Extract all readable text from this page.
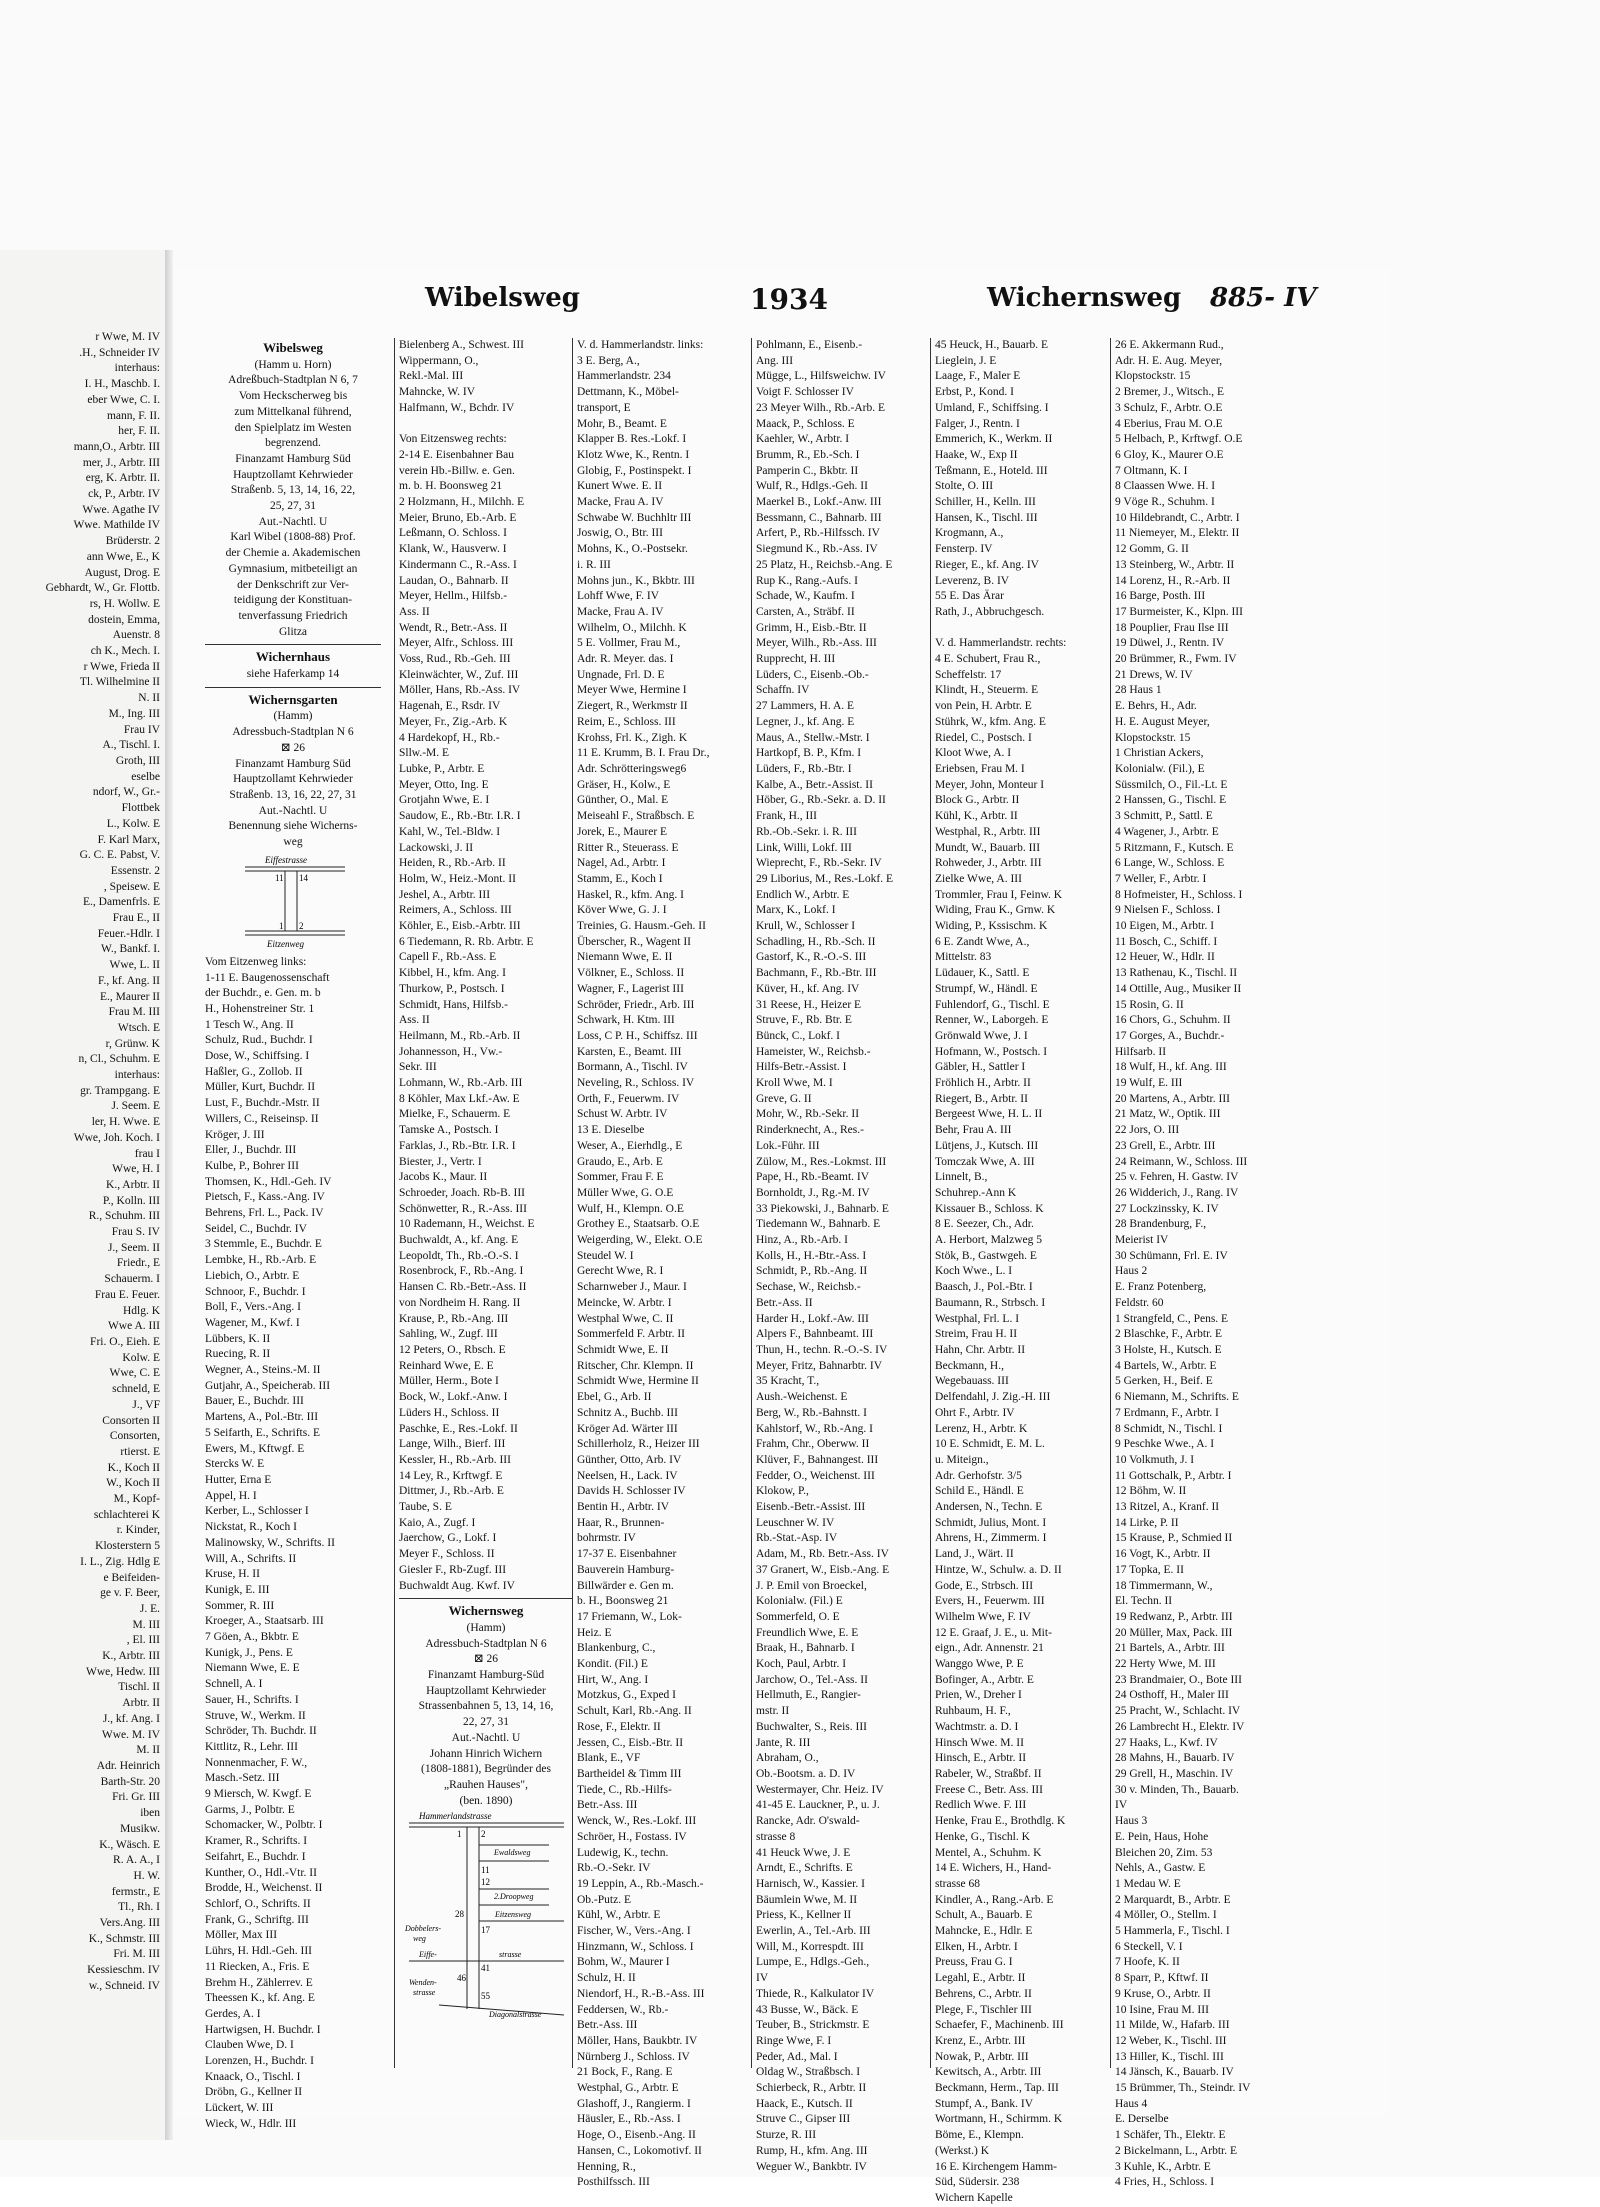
r Wwe, M. IV
.H., Schneider IV
interhaus:
I. H., Maschb. I.
eber Wwe, C. I.
mann, F. II.
her, F. II.
mann,O., Arbtr. III
mer, J., Arbtr. III
erg, K. Arbtr. II.
ck, P., Arbtr. IV
Wwe. Agathe IV
Wwe. Mathilde IV
Brüderstr. 2
ann Wwe, E., K
August, Drog. E
Gebhardt, W., Gr. Flottb.
rs, H. Wollw. E
dostein, Emma,
Auenstr. 8
ch K., Mech. I.
r Wwe, Frieda II
Tl. Wilhelmine II
N. II
M., Ing. III
Frau IV
A., Tischl. I.
Groth, III
eselbe
ndorf, W., Gr.-
Flottbek
L., Kolw. E
F. Karl Marx,
G. C. E. Pabst, V.
Essenstr. 2
, Speisew. E
E., Damenfrls. E
Frau E., II
Feuer.-Hdlr. I
W., Bankf. I.
Wwe, L. II
F., kf. Ang. II
E., Maurer II
Frau M. III
Wtsch. E
r, Grünw. K
n, Cl., Schuhm. E
interhaus:
gr. Trampgang. E
J. Seem. E
ler, H. Wwe. E
Wwe, Joh. Koch. I
frau I
Wwe, H. I
K., Arbtr. II
P., Kolln. III
R., Schuhm. III
Frau S. IV
J., Seem. II
Friedr., E
Schauerm. I
Frau E. Feuer.
Hdlg. K
Wwe A. III
Fri. O., Eieh. E
Kolw. E
Wwe, C. E
schneld, E
J., VF
Consorten II
Consorten,
rtierst. E
K., Koch II
W., Koch II
M., Kopf-
schlachterei K
r. Kinder,
Klosterstern 5
I. L., Zig. Hdlg E
e Beifeiden-
ge v. F. Beer,
J. E.
M. III
, El. III
K., Arbtr. III
Wwe, Hedw. III
Tischl. II
Arbtr. II
J., kf. Ang. I
Wwe. M. IV
M. II
Adr. Heinrich
Barth-Str. 20
Fri. Gr. III
iben
Musikw.
K., Wäsch. E
R. A. A., I
H. W.
fermstr., E
Tl., Rh. I
Vers.Ang. III
K., Schmstr. III
Fri. M. III
Kessieschm. IV
w., Schneid. IV
Wibelsweg	1934	Wichernsweg 885- IV
Wibelsweg
(Hamm u. Horn)
Adreßbuch-Stadtplan N 6, 7
Vom Heckscherweg bis
zum Mittelkanal führend,
den Spielplatz im Westen
begrenzend.
Finanzamt Hamburg Süd
Hauptzollamt Kehrwieder
Straßenb. 5, 13, 14, 16, 22,
25, 27, 31
Aut.-Nachtl. U
Karl Wibel (1808-88) Prof.
der Chemie a. Akademischen
Gymnasium, mitbeteiligt an
der Denkschrift zur Ver-
teidigung der Konstituan-
tenverfassung Friedrich
Glitza
Wichernhaus
siehe Haferkamp 14
Wichernsgarten
(Hamm)
Adressbuch-Stadtplan N 6
⊠ 26
Finanzamt Hamburg Süd
Hauptzollamt Kehrwieder
Straßenb. 13, 16, 22, 27, 31
Aut.-Nachtl. U
Benennung siehe Wicherns-
weg
Eiffestrasse
11 14
1 2
Eitzenweg
Vom Eitzenweg links:
1-11 E. Baugenossenschaft
der Buchdr., e. Gen. m. b
H., Hohenstreiner Str. 1
1 Tesch W., Ang. II
Schulz, Rud., Buchdr. I
Dose, W., Schiffsing. I
Haßler, G., Zollob. II
Müller, Kurt, Buchdr. II
Lust, F., Buchdr.-Mstr. II
Willers, C., Reiseinsp. II
Kröger, J. III
Eller, J., Buchdr. III
Kulbe, P., Bohrer III
Thomsen, K., Hdl.-Geh. IV
Pietsch, F., Kass.-Ang. IV
Behrens, Frl. L., Pack. IV
Seidel, C., Buchdr. IV
3 Stemmle, E., Buchdr. E
Lembke, H., Rb.-Arb. E
Liebich, O., Arbtr. E
Schnoor, F., Buchdr. I
Boll, F., Vers.-Ang. I
Wagener, M., Kwf. I
Lübbers, K. II
Ruecing, R. II
Wegner, A., Steins.-M. II
Gutjahr, A., Speicherab. III
Bauer, E., Buchdr. III
Martens, A., Pol.-Btr. III
5 Seifarth, E., Schrifts. E
Ewers, M., Kftwgf. E
Stercks W. E
Hutter, Erna E
Appel, H. I
Kerber, L., Schlosser I
Nickstat, R., Koch I
Malinowsky, W., Schrifts. II
Will, A., Schrifts. II
Kruse, H. II
Kunigk, E. III
Sommer, R. III
Kroeger, A., Staatsarb. III
7 Göen, A., Bkbtr. E
Kunigk, J., Pens. E
Niemann Wwe, E. E
Schnell, A. I
Sauer, H., Schrifts. I
Struve, W., Werkm. II
Schröder, Th. Buchdr. II
Kittlitz, R., Lehr. III
Nonnenmacher, F. W.,
Masch.-Setz. III
9 Miersch, W. Kwgf. E
Garms, J., Polbtr. E
Schomacker, W., Polbtr. I
Kramer, R., Schrifts. I
Seifahrt, E., Buchdr. I
Kunther, O., Hdl.-Vtr. II
Brodde, H., Weichenst. II
Schlorf, O., Schrifts. II
Frank, G., Schriftg. III
Möller, Max III
Lührs, H. Hdl.-Geh. III
11 Riecken, A., Fris. E
Brehm H., Zählerrev. E
Theessen K., kf. Ang. E
Gerdes, A. I
Hartwigsen, H. Buchdr. I
Clauben Wwe, D. I
Lorenzen, H., Buchdr. I
Knaack, O., Tischl. I
Dröbn, G., Kellner II
Lückert, W. III
Wieck, W., Hdlr. III
Bielenberg A., Schwest. III
Wippermann, O.,
Rekl.-Mal. III
Mahncke, W. IV
Halfmann, W., Bchdr. IV

Von Eitzensweg rechts:
2-14 E. Eisenbahner Bau
verein Hb.-Billw. e. Gen.
m. b. H. Boonsweg 21
2 Holzmann, H., Milchh. E
Meier, Bruno, Eb.-Arb. E
Leßmann, O. Schloss. I
Klank, W., Hausverw. I
Kindermann C., R.-Ass. I
Laudan, O., Bahnarb. II
Meyer, Hellm., Hilfsb.-
Ass. II
Wendt, R., Betr.-Ass. II
Meyer, Alfr., Schloss. III
Voss, Rud., Rb.-Geh. III
Kleinwächter, W., Zuf. III
Möller, Hans, Rb.-Ass. IV
Hagenah, E., Rsdr. IV
Meyer, Fr., Zig.-Arb. K
4 Hardekopf, H., Rb.-
Sllw.-M. E
Lubke, P., Arbtr. E
Meyer, Otto, Ing. E
Grotjahn Wwe, E. I
Saudow, E., Rb.-Btr. I.R. I
Kahl, W., Tel.-Bldw. I
Lackowski, J. II
Heiden, R., Rb.-Arb. II
Holm, W., Heiz.-Mont. II
Jeshel, A., Arbtr. III
Reimers, A., Schloss. III
Köhler, E., Eisb.-Arbtr. III
6 Tiedemann, R. Rb. Arbtr. E
Capell F., Rb.-Ass. E
Kibbel, H., kfm. Ang. I
Thurkow, P., Postsch. I
Schmidt, Hans, Hilfsb.-
Ass. II
Heilmann, M., Rb.-Arb. II
Johannesson, H., Vw.-
Sekr. III
Lohmann, W., Rb.-Arb. III
8 Köhler, Max Lkf.-Aw. E
Mielke, F., Schauerm. E
Tamske A., Postsch. I
Farklas, J., Rb.-Btr. I.R. I
Biester, J., Vertr. I
Jacobs K., Maur. II
Schroeder, Joach. Rb-B. III
Schönwetter, R., R.-Ass. III
10 Rademann, H., Weichst. E
Buchwaldt, A., kf. Ang. E
Leopoldt, Th., Rb.-O.-S. I
Rosenbrock, F., Rb.-Ang. I
Hansen C. Rb.-Betr.-Ass. II
von Nordheim H. Rang. II
Krause, P., Rb.-Ang. III
Sahling, W., Zugf. III
12 Peters, O., Rbsch. E
Reinhard Wwe, E. E
Müller, Herm., Bote I
Bock, W., Lokf.-Anw. I
Lüders H., Schloss. II
Paschke, E., Res.-Lokf. II
Lange, Wilh., Bierf. III
Kessler, H., Rb.-Arb. III
14 Ley, R., Krftwgf. E
Dittmer, J., Rb.-Arb. E
Taube, S. E
Kaio, A., Zugf. I
Jaerchow, G., Lokf. I
Meyer F., Schloss. II
Giesler F., Rb-Zugf. III
Buchwaldt Aug. Kwf. IV
Wichernsweg
(Hamm)
Adressbuch-Stadtplan N 6
⊠ 26
Finanzamt Hamburg-Süd
Hauptzollamt Kehrwieder
Strassenbahnen 5, 13, 14, 16,
22, 27, 31
Aut.-Nachtl. U
Johann Hinrich Wichern
(1808-1881), Begründer des
„Rauhen Hauses",
(ben. 1890)
Hammerlandstrasse
1 2
Ewaldsweg
11
12
2.Droopweg
28	Eitzensweg
17
Dobbelers-
weg
Eiffe-	strasse
41
46
Wenden-
strasse	55
Diagonalstrasse
V. d. Hammerlandstr. links:
3 E. Berg, A.,
Hammerlandstr. 234
Dettmann, K., Möbel-
transport, E
Mohr, B., Beamt. E
Klapper B. Res.-Lokf. I
Klotz Wwe, K., Rentn. I
Globig, F., Postinspekt. I
Kunert Wwe. E. II
Macke, Frau A. IV
Schwabe W. Buchhltr III
Joswig, O., Btr. III
Mohns, K., O.-Postsekr.
i. R. III
Mohns jun., K., Bkbtr. III
Lohff Wwe, F. IV
Macke, Frau A. IV
Wilhelm, O., Milchh. K
5 E. Vollmer, Frau M.,
Adr. R. Meyer. das. I
Ungnade, Frl. D. E
Meyer Wwe, Hermine I
Ziegert, R., Werkmstr II
Reim, E., Schloss. III
Krohss, Frl. K., Zigh. K
11 E. Krumm, B. I. Frau Dr.,
Adr. Schrötteringsweg6
Gräser, H., Kolw., E
Günther, O., Mal. E
Meiseahl F., Straßbsch. E
Jorek, E., Maurer E
Ritter R., Steuerass. E
Nagel, Ad., Arbtr. I
Stamm, E., Koch I
Haskel, R., kfm. Ang. I
Köver Wwe, G. J. I
Treinies, G. Hausm.-Geh. II
Überscher, R., Wagent II
Niemann Wwe, E. II
Völkner, E., Schloss. II
Wagner, F., Lagerist III
Schröder, Friedr., Arb. III
Schwark, H. Ktm. III
Loss, C P. H., Schiffsz. III
Karsten, E., Beamt. III
Bormann, A., Tischl. IV
Neveling, R., Schloss. IV
Orth, F., Feuerwm. IV
Schust W. Arbtr. IV
13 E. Dieselbe
Weser, A., Eierhdlg., E
Graudo, E., Arb. E
Sommer, Frau F. E
Müller Wwe, G. O.E
Wulf, H., Klempn. O.E
Grothey E., Staatsarb. O.E
Weigerding, W., Elekt. O.E
Steudel W. I
Gerecht Wwe, R. I
Scharnweber J., Maur. I
Meincke, W. Arbtr. I
Westphal Wwe, C. II
Sommerfeld F. Arbtr. II
Schmidt Wwe, E. II
Ritscher, Chr. Klempn. II
Schmidt Wwe, Hermine II
Ebel, G., Arb. II
Schnitz A., Buchb. III
Kröger Ad. Wärter III
Schillerholz, R., Heizer III
Günther, Otto, Arb. IV
Neelsen, H., Lack. IV
Davids H. Schlosser IV
Bentin H., Arbtr. IV
Haar, R., Brunnen-
bohrmstr. IV
17-37 E. Eisenbahner
Bauverein Hamburg-
Billwärder e. Gen m.
b. H., Boonsweg 21
17 Friemann, W., Lok-
Heiz. E
Blankenburg, C.,
Kondit. (Fil.) E
Hirt, W., Ang. I
Motzkus, G., Exped I
Schult, Karl, Rb.-Ang. II
Rose, F., Elektr. II
Jessen, C., Eisb.-Btr. II
Blank, E., VF
Bartheidel & Timm III
Tiede, C., Rb.-Hilfs-
Betr.-Ass. III
Wenck, W., Res.-Lokf. III
Schröer, H., Fostass. IV
Ludewig, K., techn.
Rb.-O.-Sekr. IV
19 Leppin, A., Rb.-Masch.-
Ob.-Putz. E
Kühl, W., Arbtr. E
Fischer, W., Vers.-Ang. I
Hinzmann, W., Schloss. I
Bohm, W., Maurer I
Schulz, H. II
Niendorf, H., R.-B.-Ass. III
Feddersen, W., Rb.-
Betr.-Ass. III
Möller, Hans, Baukbtr. IV
Nürnberg J., Schloss. IV
21 Bock, F., Rang. E
Westphal, G., Arbtr. E
Glashoff, J., Rangierm. I
Häusler, E., Rb.-Ass. I
Hoge, O., Eisenb.-Ang. II
Hansen, C., Lokomotivf. II
Henning, R.,
Posthilfssch. III
Pohlmann, E., Eisenb.-
Ang. III
Mügge, L., Hilfsweichw. IV
Voigt F. Schlosser IV
23 Meyer Wilh., Rb.-Arb. E
Maack, P., Schloss. E
Kaehler, W., Arbtr. I
Brumm, R., Eb.-Sch. I
Pamperin C., Bkbtr. II
Wulf, R., Hdlgs.-Geh. II
Maerkel B., Lokf.-Anw. III
Bessmann, C., Bahnarb. III
Arfert, P., Rb.-Hilfssch. IV
Siegmund K., Rb.-Ass. IV
25 Platz, H., Reichsb.-Ang. E
Rup K., Rang.-Aufs. I
Schade, W., Kaufm. I
Carsten, A., Sträbf. II
Grimm, H., Eisb.-Btr. II
Meyer, Wilh., Rb.-Ass. III
Rupprecht, H. III
Lüders, C., Eisenb.-Ob.-
Schaffn. IV
27 Lammers, H. A. E
Legner, J., kf. Ang. E
Maus, A., Stellw.-Mstr. I
Hartkopf, B. P., Kfm. I
Lüders, F., Rb.-Btr. I
Kalbe, A., Betr.-Assist. II
Höber, G., Rb.-Sekr. a. D. II
Frank, H., III
Rb.-Ob.-Sekr. i. R. III
Link, Willi, Lokf. III
Wieprecht, F., Rb.-Sekr. IV
29 Liborius, M., Res.-Lokf. E
Endlich W., Arbtr. E
Marx, K., Lokf. I
Krull, W., Schlosser I
Schadling, H., Rb.-Sch. II
Gastorf, K., R.-O.-S. III
Bachmann, F., Rb.-Btr. III
Küver, H., kf. Ang. IV
31 Reese, H., Heizer E
Struve, F., Rb. Btr. E
Bünck, C., Lokf. I
Hameister, W., Reichsb.-
Hilfs-Betr.-Assist. I
Kroll Wwe, M. I
Greve, G. II
Mohr, W., Rb.-Sekr. II
Rinderknecht, A., Res.-
Lok.-Führ. III
Zülow, M., Res.-Lokmst. III
Pape, H., Rb.-Beamt. IV
Bornholdt, J., Rg.-M. IV
33 Piekowski, J., Bahnarb. E
Tiedemann W., Bahnarb. E
Hinz, A., Rb.-Arb. I
Kolls, H., H.-Btr.-Ass. I
Schmidt, P., Rb.-Ang. II
Sechase, W., Reichsb.-
Betr.-Ass. II
Harder H., Lokf.-Aw. III
Alpers F., Bahnbeamt. III
Thun, H., techn. R.-O.-S. IV
Meyer, Fritz, Bahnarbtr. IV
35 Kracht, T.,
Aush.-Weichenst. E
Berg, W., Rb.-Bahnstt. I
Kahlstorf, W., Rb.-Ang. I
Frahm, Chr., Oberww. II
Klüver, F., Bahnangest. III
Fedder, O., Weichenst. III
Klokow, P.,
Eisenb.-Betr.-Assist. III
Leuschner W. IV
Rb.-Stat.-Asp. IV
Adam, M., Rb. Betr.-Ass. IV
37 Granert, W., Eisb.-Ang. E
J. P. Emil von Broeckel,
Kolonialw. (Fil.) E
Sommerfeld, O. E
Freundlich Wwe, E. E
Braak, H., Bahnarb. I
Koch, Paul, Arbtr. I
Jarchow, O., Tel.-Ass. II
Hellmuth, E., Rangier-
mstr. II
Buchwalter, S., Reis. III
Jante, R. III
Abraham, O.,
Ob.-Bootsm. a. D. IV
Westermayer, Chr. Heiz. IV
41-45 E. Lauckner, P., u. J.
Rancke, Adr. O'swald-
strasse 8
41 Heuck Wwe, J. E
Arndt, E., Schrifts. E
Harnisch, W., Kassier. I
Bäumlein Wwe, M. II
Priess, K., Kellner II
Ewerlin, A., Tel.-Arb. III
Will, M., Korrespdt. III
Lumpe, E., Hdlgs.-Geh.,
IV
Thiede, R., Kalkulator IV
43 Busse, W., Bäck. E
Teuber, B., Strickmstr. E
Ringe Wwe, F. I
Peder, Ad., Mal. I
Oldag W., Straßbsch. I
Schierbeck, R., Arbtr. II
Haack, E., Kutsch. II
Struve C., Gipser III
Sturze, R. III
Rump, H., kfm. Ang. III
Weguer W., Bankbtr. IV
45 Heuck, H., Bauarb. E
Lieglein, J. E
Laage, F., Maler E
Erbst, P., Kond. I
Umland, F., Schiffsing. I
Falger, J., Rentn. I
Emmerich, K., Werkm. II
Haake, W., Exp II
Teßmann, E., Hoteld. III
Stolte, O. III
Schiller, H., Kelln. III
Hansen, K., Tischl. III
Krogmann, A.,
Fensterp. IV
Rieger, E., kf. Ang. IV
Leverenz, B. IV
55 E. Das Ärar
Rath, J., Abbruchgesch.

V. d. Hammerlandstr. rechts:
4 E. Schubert, Frau R.,
Scheffelstr. 17
Klindt, H., Steuerm. E
von Pein, H. Arbtr. E
Stührk, W., kfm. Ang. E
Riedel, C., Postsch. I
Kloot Wwe, A. I
Eriebsen, Frau M. I
Meyer, John, Monteur I
Block G., Arbtr. II
Kühl, K., Arbtr. II
Westphal, R., Arbtr. III
Mundt, W., Bauarb. III
Rohweder, J., Arbtr. III
Zielke Wwe, A. III
Trommler, Frau I, Feinw. K
Widing, Frau K., Grnw. K
Widing, P., Kssischm. K
6 E. Zandt Wwe, A.,
Mittelstr. 83
Lüdauer, K., Sattl. E
Strumpf, W., Händl. E
Fuhlendorf, G., Tischl. E
Renner, W., Laborgeh. E
Grönwald Wwe, J. I
Hofmann, W., Postsch. I
Gäbler, H., Sattler I
Fröhlich H., Arbtr. II
Riegert, B., Arbtr. II
Bergeest Wwe, H. L. II
Behr, Frau A. III
Lütjens, J., Kutsch. III
Tomczak Wwe, A. III
Linnelt, B.,
Schuhrep.-Ann K
Kissauer B., Schloss. K
8 E. Seezer, Ch., Adr.
A. Herbort, Malzweg 5
Stök, B., Gastwgeh. E
Koch Wwe., L. I
Baasch, J., Pol.-Btr. I
Baumann, R., Strbsch. I
Westphal, Frl. L. I
Streim, Frau H. II
Hahn, Chr. Arbtr. II
Beckmann, H.,
Wegebauass. III
Delfendahl, J. Zig.-H. III
Ohrt F., Arbtr. IV
Lerenz, H., Arbtr. K
10 E. Schmidt, E. M. L.
u. Miteign.,
Adr. Gerhofstr. 3/5
Schild E., Händl. E
Andersen, N., Techn. E
Schmidt, Julius, Mont. I
Ahrens, H., Zimmerm. I
Land, J., Wärt. II
Hintze, W., Schulw. a. D. II
Gode, E., Strbsch. III
Evers, H., Feuerwm. III
Wilhelm Wwe, F. IV
12 E. Graaf, J. E., u. Mit-
eign., Adr. Annenstr. 21
Wanggo Wwe, P. E
Bofinger, A., Arbtr. E
Prien, W., Dreher I
Ruhbaum, H. F.,
Wachtmstr. a. D. I
Hinsch Wwe. M. II
Hinsch, E., Arbtr. II
Rabeler, W., Straßbf. II
Freese C., Betr. Ass. III
Redlich Wwe. F. III
Henke, Frau E., Brothdlg. K
Henke, G., Tischl. K
Mentel, A., Schuhm. K
14 E. Wichers, H., Hand-
strasse 68
Kindler, A., Rang.-Arb. E
Schult, A., Bauarb. E
Mahncke, E., Hdlr. E
Elken, H., Arbtr. I
Preuss, Frau G. I
Legahl, E., Arbtr. II
Behrens, C., Arbtr. II
Plege, F., Tischler III
Schaefer, F., Machinenb. III
Krenz, E., Arbtr. III
Nowak, P., Arbtr. III
Kewitsch, A., Arbtr. III
Beckmann, Herm., Tap. III
Stumpf, A., Bank. IV
Wortmann, H., Schirmm. K
Böme, E., Klempn.
(Werkst.) K
16 E. Kirchengem Hamm-
Süd, Südersir. 238
Wichern Kapelle
26 E. Akkermann Rud.,
Adr. H. E. Aug. Meyer,
Klopstockstr. 15
2 Bremer, J., Witsch., E
3 Schulz, F., Arbtr. O.E
4 Eberius, Frau M. O.E
5 Helbach, P., Krftwgf. O.E
6 Gloy, K., Maurer O.E
7 Oltmann, K. I
8 Claassen Wwe. H. I
9 Vöge R., Schuhm. I
10 Hildebrandt, C., Arbtr. I
11 Niemeyer, M., Elektr. II
12 Gomm, G. II
13 Steinberg, W., Arbtr. II
14 Lorenz, H., R.-Arb. II
16 Barge, Posth. III
17 Burmeister, K., Klpn. III
18 Pouplier, Frau Ilse III
19 Düwel, J., Rentn. IV
20 Brümmer, R., Fwm. IV
21 Drews, W. IV
28 Haus 1
E. Behrs, H., Adr.
H. E. August Meyer,
Klopstockstr. 15
1 Christian Ackers,
Kolonialw. (Fil.), E
Süssmilch, O., Fil.-Lt. E
2 Hanssen, G., Tischl. E
3 Schmitt, P., Sattl. E
4 Wagener, J., Arbtr. E
5 Ritzmann, F., Kutsch. E
6 Lange, W., Schloss. E
7 Weller, F., Arbtr. I
8 Hofmeister, H., Schloss. I
9 Nielsen F., Schloss. I
10 Eigen, M., Arbtr. I
11 Bosch, C., Schiff. I
12 Heuer, W., Hdlr. II
13 Rathenau, K., Tischl. II
14 Ottille, Aug., Musiker II
15 Rosin, G. II
16 Chors, G., Schuhm. II
17 Gorges, A., Buchdr.-
Hilfsarb. II
18 Wulf, H., kf. Ang. III
19 Wulf, E. III
20 Martens, A., Arbtr. III
21 Matz, W., Optik. III
22 Jors, O. III
23 Grell, E., Arbtr. III
24 Reimann, W., Schloss. III
25 v. Fehren, H. Gastw. IV
26 Widderich, J., Rang. IV
27 Lockzinssky, K. IV
28 Brandenburg, F.,
Meierist IV
30 Schümann, Frl. E. IV
Haus 2
E. Franz Potenberg,
Feldstr. 60
1 Strangfeld, C., Pens. E
2 Blaschke, F., Arbtr. E
3 Holste, H., Kutsch. E
4 Bartels, W., Arbtr. E
5 Gerken, H., Beif. E
6 Niemann, M., Schrifts. E
7 Erdmann, F., Arbtr. I
8 Schmidt, N., Tischl. I
9 Peschke Wwe., A. I
10 Volkmuth, J. I
11 Gottschalk, P., Arbtr. I
12 Böhm, W. II
13 Ritzel, A., Kranf. II
14 Lirke, P. II
15 Krause, P., Schmied II
16 Vogt, K., Arbtr. II
17 Topka, E. II
18 Timmermann, W.,
El. Techn. II
19 Redwanz, P., Arbtr. III
20 Müller, Max, Pack. III
21 Bartels, A., Arbtr. III
22 Herty Wwe, M. III
23 Brandmaier, O., Bote III
24 Osthoff, H., Maler III
25 Pracht, W., Schlacht. IV
26 Lambrecht H., Elektr. IV
27 Haaks, L., Kwf. IV
28 Mahns, H., Bauarb. IV
29 Grell, H., Maschin. IV
30 v. Minden, Th., Bauarb.
IV
Haus 3
E. Pein, Haus, Hohe
Bleichen 20, Zim. 53
Nehls, A., Gastw. E
1 Medau W. E
2 Marquardt, B., Arbtr. E
4 Möller, O., Stellm. I
5 Hammerla, F., Tischl. I
6 Steckell, V. I
7 Hoofe, K. II
8 Sparr, P., Kftwf. II
9 Kruse, O., Arbtr. II
10 Isine, Frau M. III
11 Milde, W., Hafarb. III
12 Weber, K., Tischl. III
13 Hiller, K., Tischl. III
14 Jänsch, K., Bauarb. IV
15 Brümmer, Th., Steindr. IV
Haus 4
E. Derselbe
1 Schäfer, Th., Elektr. E
2 Bickelmann, L., Arbtr. E
3 Kuhle, K., Arbtr. E
4 Fries, H., Schloss. I
